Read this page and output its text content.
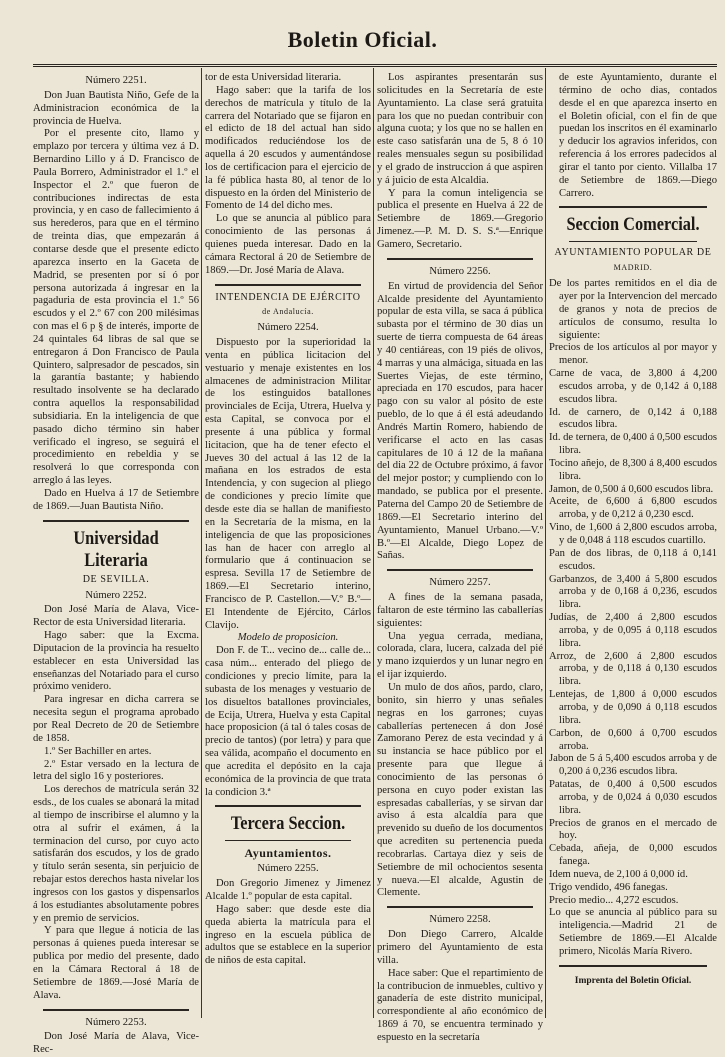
Boletin Oficial.
Número 2251.

Don Juan Bautista Niño, Gefe de la Administracion económica de la provincia de Huelva.

Por el presente cito, llamo y emplazo por tercera y última vez á D. Bernardino Lillo y á D. Francisco de Paula Borrero, Administrador el 1.º el Inspector el 2.º que fueron de contribuciones indirectas de esta provincia, y en caso de fallecimiento á sus herederos, para que en el término de treinta dias, que empezarán á contarse desde que el presente edicto aparezca inserto en la Gaceta de Madrid, se presenten por sí ó por persona autorizada á ingresar en la pagaduria de esta provincia el 1.º 56 escudos y el 2.º 67 con 200 milésimas con mas el 6 p § de interés, importe de 24 quintales 64 libras de sal que se entregaron á Don Francisco de Paula Quintero, salpresador de pescados, sin la garantía bastante; y habiendo resultado insolvente se ha declarado contra aquellos la responsabilidad subsidiaria. En la inteligencia de que pasado dicho término sin haber verificado el ingreso, se seguirá el procedimiento en rebeldia y se resolverá lo que corresponda con arreglo á las leyes.

Dado en Huelva á 17 de Setiembre de 1869.—Juan Bautista Niño.

Universidad Literaria
DE SEVILLA.
Número 2252.

Don José María de Alava, Vice-Rector de esta Universidad literaria.

Hago saber: que la Excma. Diputacion de la provincia ha resuelto establecer en esta Universidad las enseñanzas del Notariado para el curso próximo venidero.

Para ingresar en dicha carrera se necesita segun el programa aprobado por Real Decreto de 20 de Setiembre de 1858.

1.º Ser Bachiller en artes.

2.º Estar versado en la lectura de letra del siglo 16 y posteriores.

Los derechos de matrícula serán 32 esds., de los cuales se abonará la mitad al tiempo de inscribirse el alumno y la otra al sufrir el exámen, á la terminacion del curso, por cuyo acto satisfarán dos escudos, y los de grado y título serán sesenta, sin perjuicio de rebajar estos derechos hasta nivelar los ingresos con los gastos y dispensarlos á los estudiantes absolutamente pobres y en premio de servicios.

Y para que llegue á noticia de las personas á quienes pueda interesar se publica por medio del presente, dado en la Cámara Rectoral á 18 de Setiembre de 1869.—José María de Alava.

Número 2253.

Don José María de Alava, Vice-Rec-

tor de esta Universidad literaria.

Hago saber: que la tarifa de los derechos de matrícula y título de la carrera del Notariado que se fijaron en el edicto de 18 del actual han sido modificados reduciéndose los de aquella á 20 escudos y aumentándose los de certificacion para el ejercicio de la fé pública hasta 80, al tenor de lo dispuesto en la órden del Ministerio de Fomento de 14 del dicho mes.

Lo que se anuncia al público para conocimiento de las personas á quienes pueda interesar. Dado en la cámara Rectoral á 20 de Setiembre de 1869.—Dr. José María de Alava.

INTENDENCIA DE EJÉRCITO
de Andalucía.
Número 2254.

Dispuesto por la superioridad la venta en pública licitacion del vestuario y menaje existentes en los almacenes de administracion Militar de los estinguidos batallones provinciales de Ecija, Utrera, Huelva y esta Capital, se convoca por el presente á una pública y formal licitacion, que ha de tener efecto el Jueves 30 del actual á las 12 de la mañana en los estrados de esta Intendencia, y con sugecion al pliego de condiciones y precio límite que desde este dia se hallan de manifiesto en la Secretaría de la misma, en la inteligencia de que las proposiciones las han de hacer con arreglo al formulario que á continuacion se espresa. Sevilla 17 de Setiembre de 1869.—El Secretario interino, Francisco de P. Castellon.—V.º B.º—El Intendente de Ejército, Cárlos Clavijo.

Modelo de proposicion.

Don F. de T... vecino de... calle de... casa núm... enterado del pliego de condiciones y precio límite, para la subasta de los menages y vestuario de los disueltos batallones provinciales, de Ecija, Utrera, Huelva y esta Capital hace proposicion (á tal ó tales cosas de precio de tantos) (por letra) y para que sea válida, acompaño el documento en que acredita el depósito en la caja económica de la provincia de que trata la condicion 3.ª

Tercera Seccion.
Ayuntamientos.
Número 2255.

Don Gregorio Jimenez y Jimenez Alcalde 1.º popular de esta capital.

Hago saber: que desde este dia queda abierta la matrícula para el ingreso en la escuela pública de adultos que se establece en la superior de niños de esta capital.

Los aspirantes presentarán sus solicitudes en la Secretaría de este Ayuntamiento. La clase será gratuita para los que no puedan contribuir con alguna cuota; y los que no se hallen en este caso satisfarán una de 5, 8 ó 10 reales mensuales segun su posibilidad y el grado de instruccion á que aspiren y á juicio de esta Alcaldia.

Y para la comun inteligencia se publica el presente en Huelva á 22 de Setiembre de 1869.—Gregorio Jimenez.—P. M. D. S. S.ª—Enrique Gamero, Secretario.

Número 2256.

En virtud de providencia del Señor Alcalde presidente del Ayuntamiento popular de esta villa, se saca á pública subasta por el término de 30 dias un suerte de tierra compuesta de 64 áreas y 40 centiáreas, con 19 piés de olivos, 4 marras y una almáciga, situada en las Suertes Viejas, de este término, apreciada en 170 escudos, para hacer pago con su valor al pósito de este pueblo, de lo que á él está adeudando Andrés Martin Romero, habiendo de verificarse el acto en las casas capitulares de 10 á 12 de la mañana del dia 22 de Octubre próximo, á favor del mejor postor; y cumpliendo con lo mandado, se publica por el presente. Paterna del Campo 20 de Setiembre de 1869.—El Secretario interino del Ayuntamiento, Manuel Urbano.—V.º B.º—El Alcalde, Diego Lopez de Sañas.

Número 2257.

A fines de la semana pasada, faltaron de este término las caballerías siguientes:

Una yegua cerrada, mediana, colorada, clara, lucera, calzada del pié y mano izquierdos y un lunar negro en el ijar izquierdo.

Un mulo de dos años, pardo, claro, bonito, sin hierro y unas señales negras en los garrones; cuyas caballerías pertenecen á don José Zamorano Perez de esta vecindad y á su instancia se hace público por el presente para que llegue á conocimiento de las personas ó persona en cuyo poder existan las espresadas caballerías, y se sirvan dar aviso á esta alcaldía para que prevenido su dueño de los documentos que acrediten su pertenencia pueda recobrarlas. Cartaya diez y seis de Setiembre de mil ochocientos sesenta y nueva.—El alcalde, Agustin de Clemente.

Número 2258.

Don Diego Carrero, Alcalde primero del Ayuntamiento de esta villa.

Hace saber: Que el repartimiento de la contribucion de inmuebles, cultivo y ganadería de este distrito municipal, correspondiente al año económico de 1869 á 70, se encuentra terminado y espuesto en la secretaría

de este Ayuntamiento, durante el término de ocho dias, contados desde el en que aparezca inserto en el Boletin oficial, con el fin de que puedan los inscritos en él examinarlo y deducir los agravios inferidos, con referencia á los errores padecidos al girar el tanto por ciento. Villalba 17 de Setiembre de 1869.—Diego Carrero.

Seccion Comercial.
AYUNTAMIENTO POPULAR DE
MADRID.

De los partes remitidos en el dia de ayer por la Intervencion del mercado de granos y nota de precios de artículos de consumo, resulta lo siguiente:

Precios de los artículos al por mayor y menor.

Carne de vaca, de 3,800 á 4,200 escudos arroba, y de 0,142 á 0,188 escudos libra.

Id. de carnero, de 0,142 á 0,188 escudos libra.

Id. de ternera, de 0,400 á 0,500 escudos libra.

Tocino añejo, de 8,300 á 8,400 escudos libra.

Jamon, de 0,500 á 0,600 escudos libra.

Aceite, de 6,600 á 6,800 escudos arroba, y de 0,212 á 0,230 escd.

Vino, de 1,600 á 2,800 escudos arroba, y de 0,048 á 118 escudos cuartillo.

Pan de dos libras, de 0,118 á 0,141 escudos.

Garbanzos, de 3,400 á 5,800 escudos arroba y de 0,168 á 0,236, escudos libra.

Judías, de 2,400 á 2,800 escudos arroba, y de 0,095 á 0,118 escudos libra.

Arroz, de 2,600 á 2,800 escudos arroba, y de 0,118 á 0,130 escudos libra.

Lentejas, de 1,800 á 0,000 escudos arroba, y de 0,090 á 0,118 escudos libra.

Carbon, de 0,600 á 0,700 escudos arroba.

Jabon de 5 á 5,400 escudos arroba y de 0,200 á 0,236 escudos libra.

Patatas, de 0,400 á 0,500 escudos arroba, y de 0,024 á 0,030 escudos libra.

Precios de granos en el mercado de hoy.

Cebada, añeja, de 0,000 escudos fanega.

Idem nueva, de 2,100 á 0,000 íd.

Trigo vendido, 496 fanegas.

Precio medio... 4,272 escudos.

Lo que se anuncia al público para su inteligencia.—Madrid 21 de Setiembre de 1869.—El Alcalde primero, Nicolás María Rivero.

Imprenta del Boletin Oficial.
